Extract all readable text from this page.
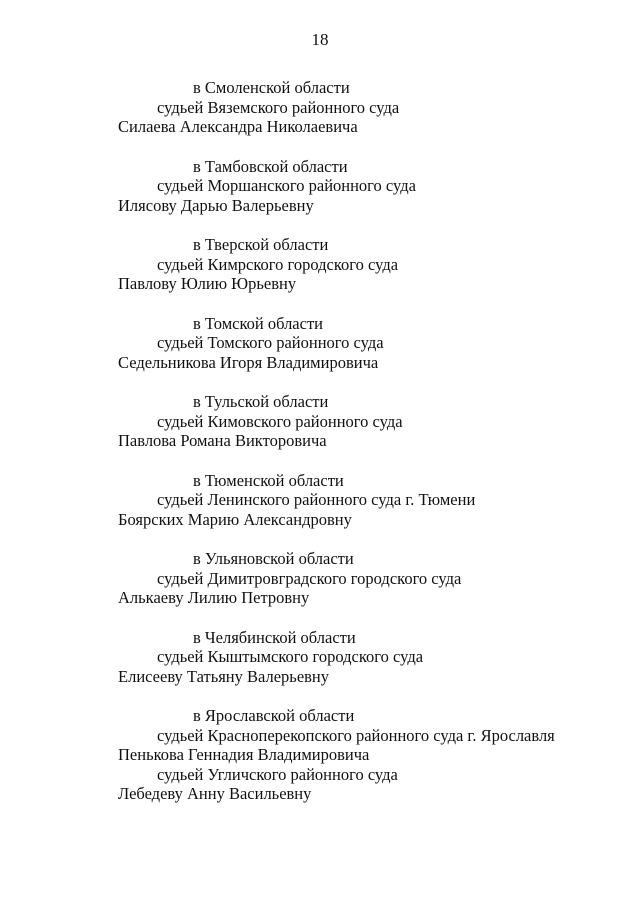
18
в Смоленской области
судьей Вяземского районного суда
Силаева Александра Николаевича
в Тамбовской области
судьей Моршанского районного суда
Илясову Дарью Валерьевну
в Тверской области
судьей Кимрского городского суда
Павлову Юлию Юрьевну
в Томской области
судьей Томского районного суда
Седельникова Игоря Владимировича
в Тульской области
судьей Кимовского районного суда
Павлова Романа Викторовича
в Тюменской области
судьей Ленинского районного суда г. Тюмени
Боярских Марию Александровну
в Ульяновской области
судьей Димитровградского городского суда
Алькаеву Лилию Петровну
в Челябинской области
судьей Кыштымского городского суда
Елисееву Татьяну Валерьевну
в Ярославской области
судьей Красноперекопского районного суда г. Ярославля
Пенькова Геннадия Владимировича
судьей Угличского районного суда
Лебедеву Анну Васильевну
